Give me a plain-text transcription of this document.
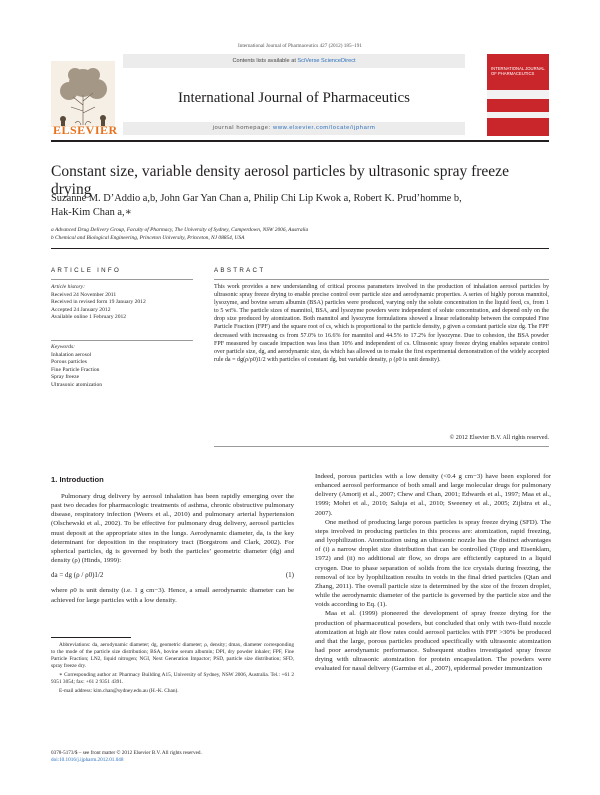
International Journal of Pharmaceutics 427 (2012) 185–191
ELSEVIER
Contents lists available at SciVerse ScienceDirect
International Journal of Pharmaceutics
journal homepage: www.elsevier.com/locate/ijpharm
INTERNATIONAL JOURNAL OF PHARMACEUTICS
Constant size, variable density aerosol particles by ultrasonic spray freeze drying
Suzanne M. D’Addio a,b, John Gar Yan Chan a, Philip Chi Lip Kwok a, Robert K. Prud’homme b,
Hak-Kim Chan a,∗
a Advanced Drug Delivery Group, Faculty of Pharmacy, The University of Sydney, Camperdown, NSW 2006, Australia
b Chemical and Biological Engineering, Princeton University, Princeton, NJ 08854, USA
ARTICLE INFO
Article history:
Received 24 November 2011
Received in revised form 19 January 2012
Accepted 24 January 2012
Available online 1 February 2012
Keywords:
Inhalation aerosol
Porous particles
Fine Particle Fraction
Spray freeze
Ultrasonic atomization
ABSTRACT
This work provides a new understanding of critical process parameters involved in the production of inhalation aerosol particles by ultrasonic spray freeze drying to enable precise control over particle size and aerodynamic properties. A series of highly porous mannitol, lysozyme, and bovine serum albumin (BSA) particles were produced, varying only the solute concentration in the liquid feed, cs, from 1 to 5 wt%. The particle sizes of mannitol, BSA, and lysozyme powders were independent of solute concentration, and depend only on the drop size produced by atomization. Both mannitol and lysozyme formulations showed a linear relationship between the computed Fine Particle Fraction (FPF) and the square root of cs, which is proportional to the particle density, ρ given a constant particle size dg. The FPF decreased with increasing cs from 57.0% to 16.6% for mannitol and 44.5% to 17.2% for lysozyme. Due to cohesion, the BSA powder FPF measured by cascade impaction was less than 10% and independent of cs. Ultrasonic spray freeze drying enables separate control over particle size, dg, and aerodynamic size, da which has allowed us to make the first experimental demonstration of the widely accepted rule da = dg(ρ/ρ0)1/2 with particles of constant dg, but variable density, ρ (ρ0 is unit density).
© 2012 Elsevier B.V. All rights reserved.
1. Introduction

Pulmonary drug delivery by aerosol inhalation has been rapidly emerging over the past two decades for pharmacologic treatments of asthma, chronic obstructive pulmonary disease, respiratory infection (Weers et al., 2010) and pulmonary arterial hypertension (Olschewski et al., 2002). To be effective for pulmonary drug delivery, aerosol particles must deposit at the appropriate sites in the lungs. Aerodynamic diameter, da, is the key determinant for deposition in the respiratory tract (Borgstrom and Clark, 2002). For spherical particles, dg is governed by both the particles’ geometric diameter (dg) and density (ρ) (Hinds, 1999):

da = dg (ρ / ρ0)1/2	(1)

where ρ0 is unit density (i.e. 1 g cm−3). Hence, a small aerodynamic diameter can be achieved for large particles with a low density.

Indeed, porous particles with a low density (<0.4 g cm−3) have been explored for enhanced aerosol performance of both small and large molecular drugs for pulmonary delivery (Amorij et al., 2007; Chew and Chan, 2001; Edwards et al., 1997; Maa et al., 1999; Mohri et al., 2010; Saluja et al., 2010; Sweeney et al., 2005; Zijlstra et al., 2007).

One method of producing large porous particles is spray freeze drying (SFD). The steps involved in producing particles in this process are: atomization, rapid freezing, and lyophilization. Atomization using an ultrasonic nozzle has the distinct advantages of (i) a narrow droplet size distribution that can be controlled (Topp and Eisenklam, 1972) and (ii) no additional air flow, so drops are efficiently captured in a liquid cryogen. Due to phase separation of solids from the ice crystals during freezing, the removal of ice by lyophilization results in voids in the final dried particles (Qian and Zhang, 2011). The overall particle size is determined by the size of the frozen droplet, while the aerodynamic diameter of the particle is governed by the particle size and the voids according to Eq. (1).

Maa et al. (1999) pioneered the development of spray freeze drying for the production of pharmaceutical powders, but concluded that only with two-fluid nozzle atomization at high air flow rates could aerosol particles with FPF >30% be produced and that the large, porous particles produced specifically with ultrasonic atomization had poor aerodynamic performance. Subsequent studies investigated spray freeze drying with ultrasonic atomization for protein encapsulation. The powders were evaluated for nasal delivery (Garmise et al., 2007), epidermal powder immunization

Abbreviations: da, aerodynamic diameter; dg, geometric diameter; ρ, density; dmax, diameter corresponding to the mode of the particle size distribution; BSA, bovine serum albumin; DPI, dry powder inhaler; FPF, Fine Particle Fraction; LN2, liquid nitrogen; NGI, Next Generation Impactor; PSD, particle size distribution; SFD, spray freeze dry.

∗ Corresponding author at: Pharmacy Building A15, University of Sydney, NSW 2006, Australia. Tel.: +61 2 9351 3054; fax: +61 2 9351 4391.

E-mail address: kim.chan@sydney.edu.au (H.-K. Chan).

0378-5173/$ – see front matter © 2012 Elsevier B.V. All rights reserved.
doi:10.1016/j.ijpharm.2012.01.048
